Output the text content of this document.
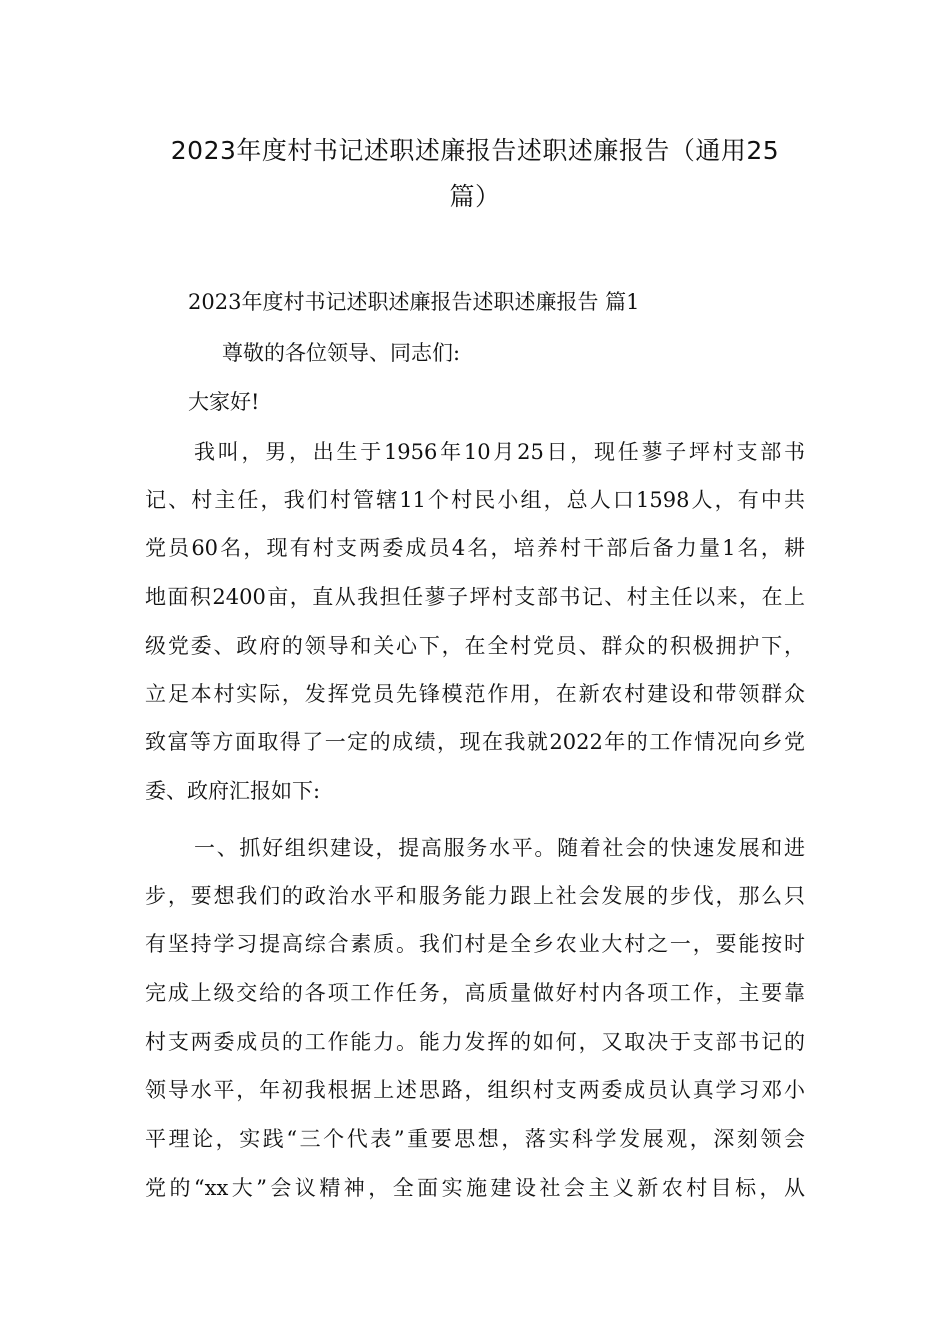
2023年度村书记述职述廉报告述职述廉报告（通用25
篇）
2023年度村书记述职述廉报告述职述廉报告 篇1
尊敬的各位领导、同志们:
大家好!
我叫，男，出生于1956年10月25日，现任蓼子坪村支部书
记、村主任，我们村管辖11个村民小组，总人口1598人，有中共
党员60名，现有村支两委成员4名，培养村干部后备力量1名，耕
地面积2400亩，直从我担任蓼子坪村支部书记、村主任以来，在上
级党委、政府的领导和关心下，在全村党员、群众的积极拥护下，
立足本村实际，发挥党员先锋模范作用，在新农村建设和带领群众
致富等方面取得了一定的成绩，现在我就2022年的工作情况向乡党
委、政府汇报如下:
一、抓好组织建设，提高服务水平。随着社会的快速发展和进
步，要想我们的政治水平和服务能力跟上社会发展的步伐，那么只
有坚持学习提高综合素质。我们村是全乡农业大村之一，要能按时
完成上级交给的各项工作任务，高质量做好村内各项工作，主要靠
村支两委成员的工作能力。能力发挥的如何，又取决于支部书记的
领导水平，年初我根据上述思路，组织村支两委成员认真学习邓小
平理论，实践“三个代表”重要思想，落实科学发展观，深刻领会
党的“xx大”会议精神，全面实施建设社会主义新农村目标，从
